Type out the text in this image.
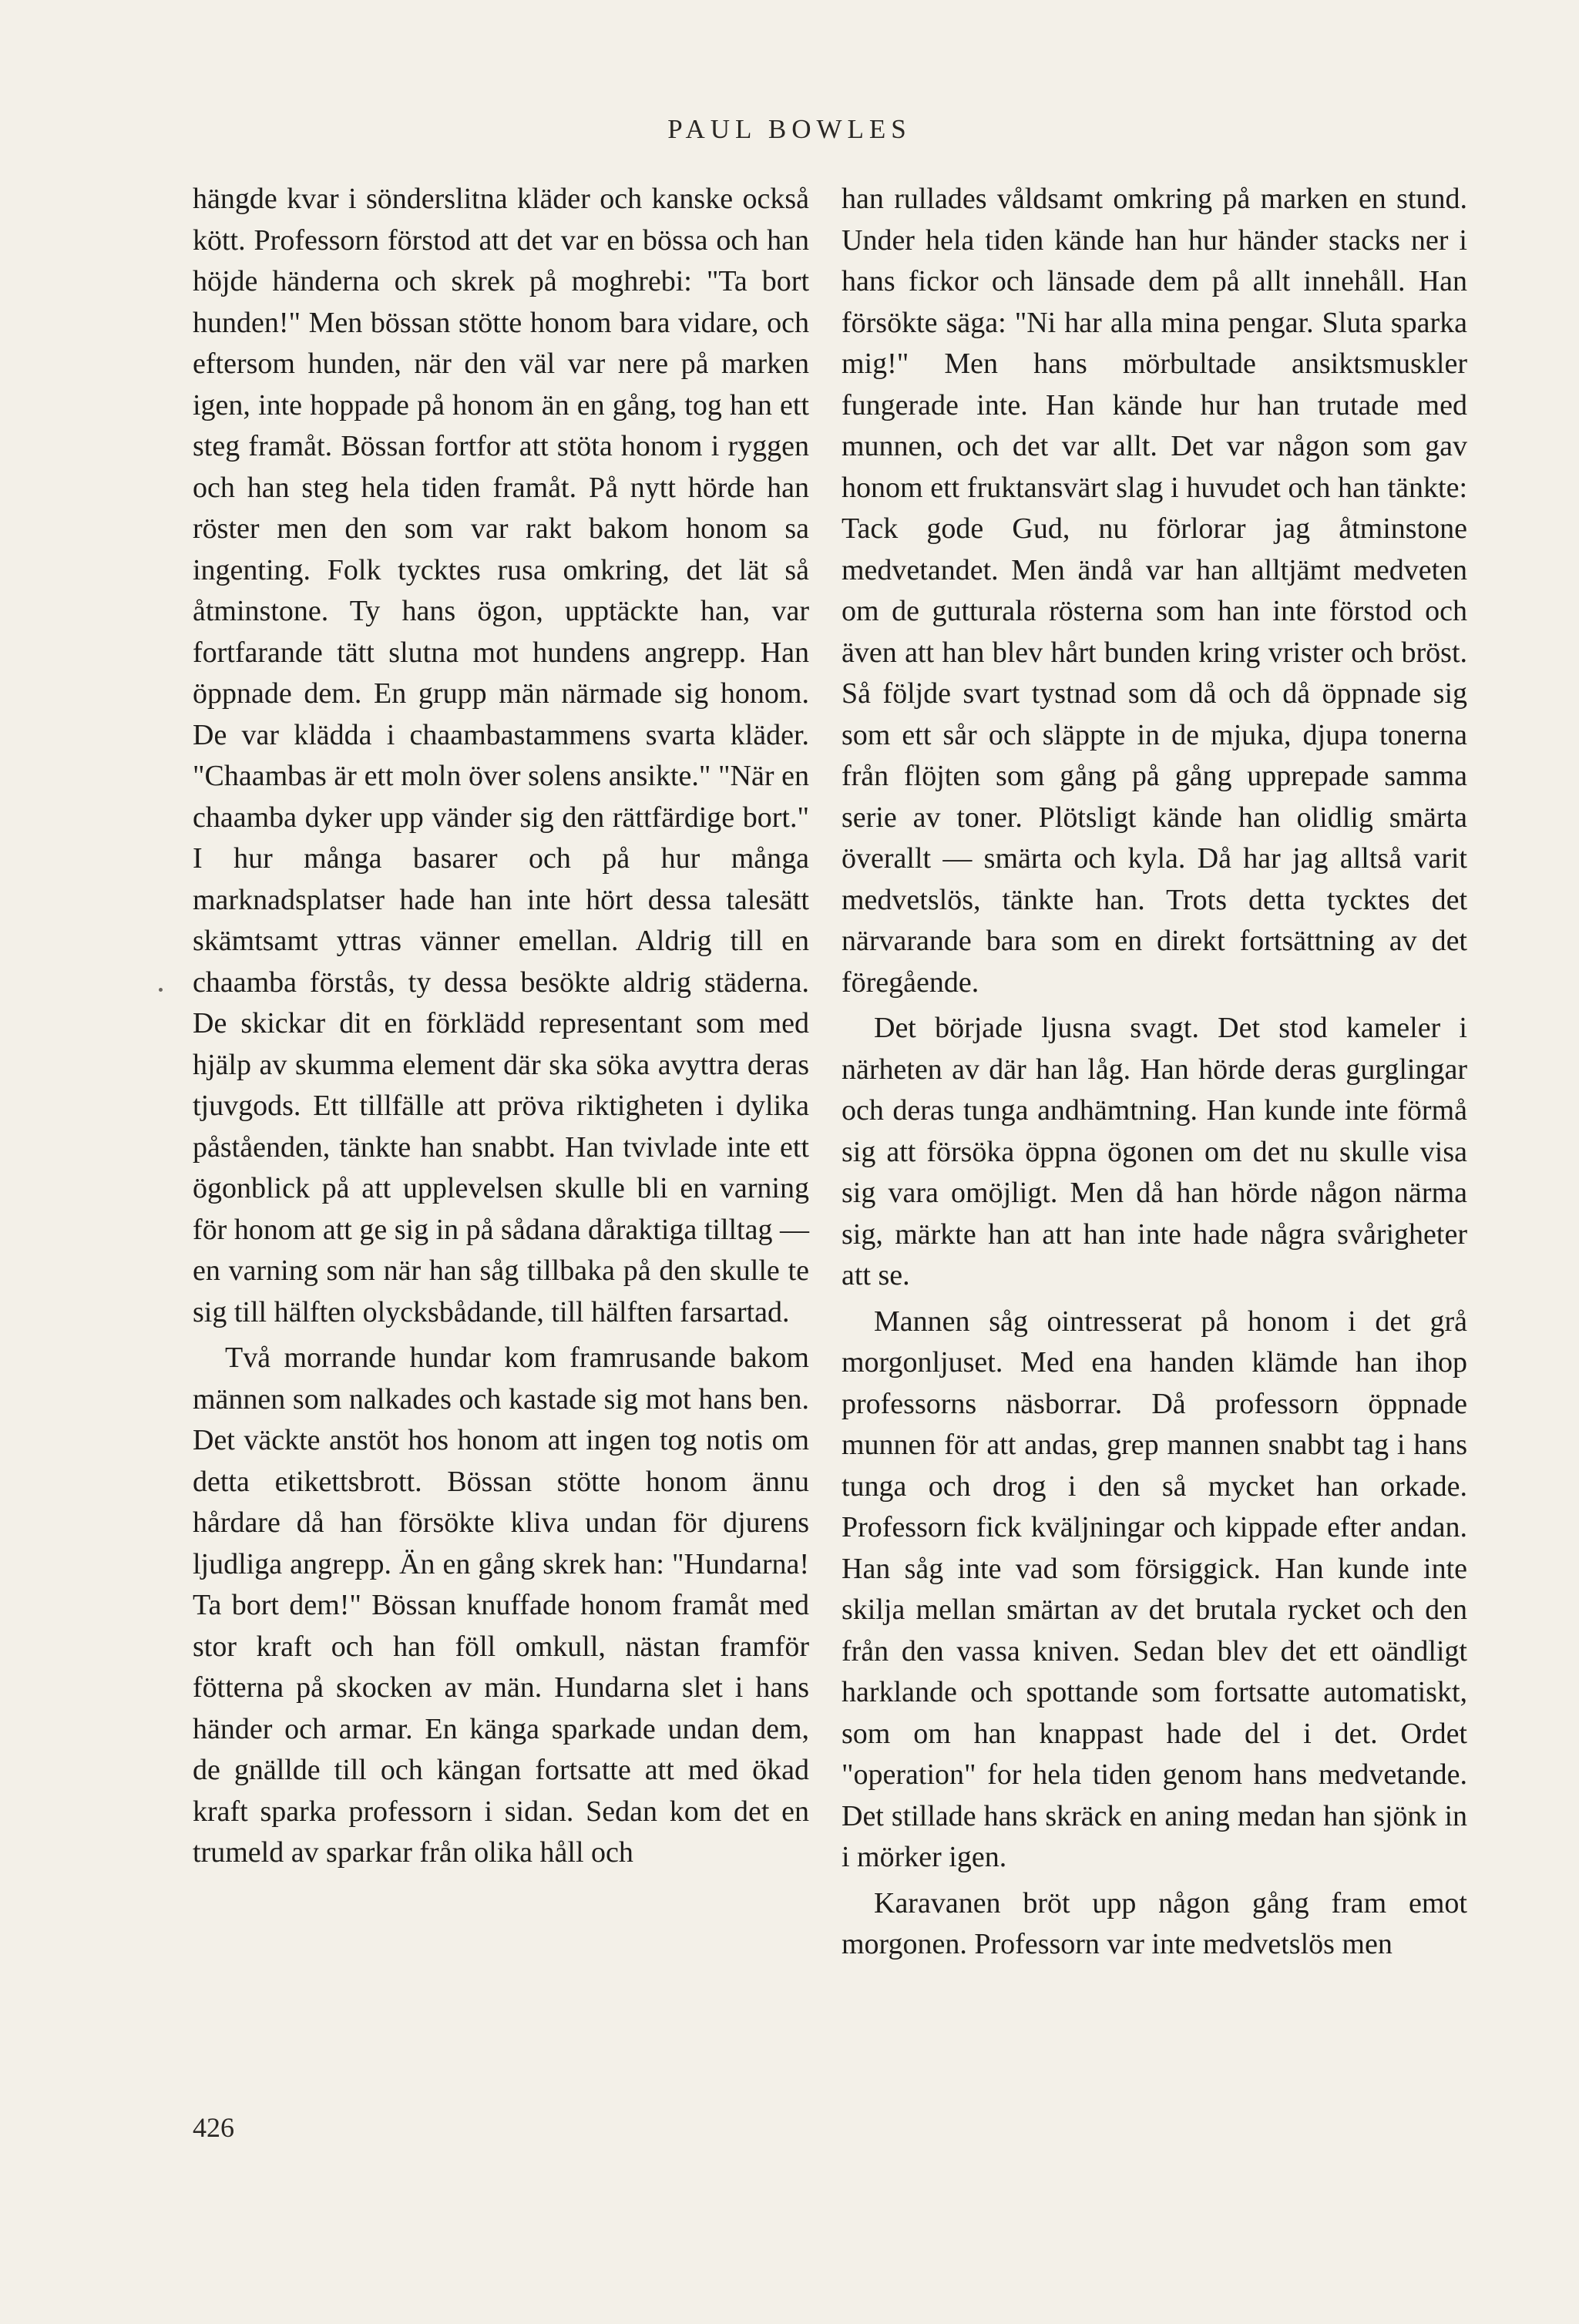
PAUL BOWLES

hängde kvar i sönderslitna kläder och kanske också kött. Professorn förstod att det var en bössa och han höjde händerna och skrek på moghrebi: "Ta bort hunden!" Men bössan stötte honom bara vidare, och eftersom hunden, när den väl var nere på marken igen, inte hoppade på honom än en gång, tog han ett steg framåt. Bössan fortfor att stöta honom i ryggen och han steg hela tiden framåt. På nytt hörde han röster men den som var rakt bakom honom sa ingenting. Folk tycktes rusa omkring, det lät så åtminstone. Ty hans ögon, upptäckte han, var fortfarande tätt slutna mot hundens angrepp. Han öppnade dem. En grupp män närmade sig honom. De var klädda i chaambastammens svarta kläder. "Chaambas är ett moln över solens ansikte." "När en chaamba dyker upp vänder sig den rättfärdige bort." I hur många basarer och på hur många marknadsplatser hade han inte hört dessa talesätt skämtsamt yttras vänner emellan. Aldrig till en chaamba förstås, ty dessa besökte aldrig städerna. De skickar dit en förklädd representant som med hjälp av skumma element där ska söka avyttra deras tjuvgods. Ett tillfälle att pröva riktigheten i dylika påståenden, tänkte han snabbt. Han tvivlade inte ett ögonblick på att upplevelsen skulle bli en varning för honom att ge sig in på sådana dåraktiga tilltag — en varning som när han såg tillbaka på den skulle te sig till hälften olycksbådande, till hälften farsartad.

Två morrande hundar kom framrusande bakom männen som nalkades och kastade sig mot hans ben. Det väckte anstöt hos honom att ingen tog notis om detta etikettsbrott. Bössan stötte honom ännu hårdare då han försökte kliva undan för djurens ljudliga angrepp. Än en gång skrek han: "Hundarna! Ta bort dem!" Bössan knuffade honom framåt med stor kraft och han föll omkull, nästan framför fötterna på skocken av män. Hundarna slet i hans händer och armar. En känga sparkade undan dem, de gnällde till och kängan fortsatte att med ökad kraft sparka professorn i sidan. Sedan kom det en trumeld av sparkar från olika håll och

han rullades våldsamt omkring på marken en stund. Under hela tiden kände han hur händer stacks ner i hans fickor och länsade dem på allt innehåll. Han försökte säga: "Ni har alla mina pengar. Sluta sparka mig!" Men hans mörbultade ansiktsmuskler fungerade inte. Han kände hur han trutade med munnen, och det var allt. Det var någon som gav honom ett fruktansvärt slag i huvudet och han tänkte: Tack gode Gud, nu förlorar jag åtminstone medvetandet. Men ändå var han alltjämt medveten om de gutturala rösterna som han inte förstod och även att han blev hårt bunden kring vrister och bröst. Så följde svart tystnad som då och då öppnade sig som ett sår och släppte in de mjuka, djupa tonerna från flöjten som gång på gång upprepade samma serie av toner. Plötsligt kände han olidlig smärta överallt — smärta och kyla. Då har jag alltså varit medvetslös, tänkte han. Trots detta tycktes det närvarande bara som en direkt fortsättning av det föregående.

Det började ljusna svagt. Det stod kameler i närheten av där han låg. Han hörde deras gurglingar och deras tunga andhämtning. Han kunde inte förmå sig att försöka öppna ögonen om det nu skulle visa sig vara omöjligt. Men då han hörde någon närma sig, märkte han att han inte hade några svårigheter att se.

Mannen såg ointresserat på honom i det grå morgonljuset. Med ena handen klämde han ihop professorns näsborrar. Då professorn öppnade munnen för att andas, grep mannen snabbt tag i hans tunga och drog i den så mycket han orkade. Professorn fick kväljningar och kippade efter andan. Han såg inte vad som försiggick. Han kunde inte skilja mellan smärtan av det brutala rycket och den från den vassa kniven. Sedan blev det ett oändligt harklande och spottande som fortsatte automatiskt, som om han knappast hade del i det. Ordet "operation" for hela tiden genom hans medvetande. Det stillade hans skräck en aning medan han sjönk in i mörker igen.

Karavanen bröt upp någon gång fram emot morgonen. Professorn var inte medvetslös men

426
